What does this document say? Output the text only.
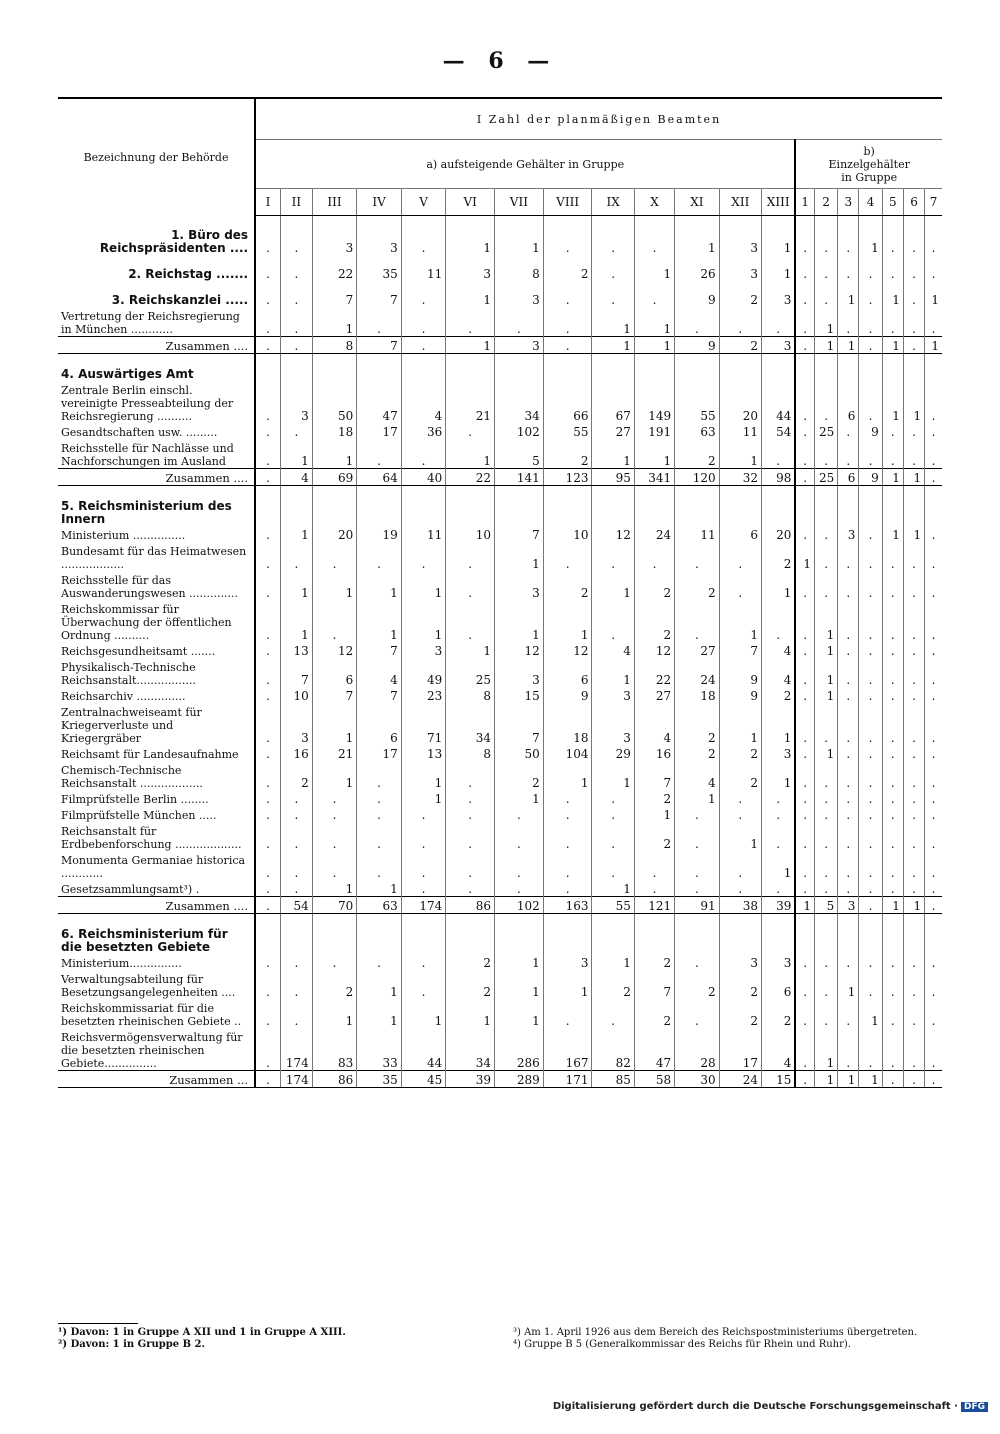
— 6 —
Bezeichnung der Behörde	I Zahl der planmäßigen Beamten																			
	a) aufsteigende Gehälter in Gruppe													b) Einzelgehälter in Gruppe						
	I	II	III	IV	V	VI	VII	VIII	IX	X	XI	XII	XIII	1	2	3	4	5	6	7

1. Büro des Reichspräsidenten ....	.	.	3	3	.	1	1	.	.	.	1	3	1	.	.	.	1	.	.	.

2. Reichstag .......	.	.	22	35	11	3	8	2	.	1	26	3	1	.	.	.	.	.	.	.

3. Reichskanzlei .....	.	.	7	7	.	1	3	.	.	.	9	2	3	.	.	1	.	1	.	1
Vertretung der Reichsregierung in München ............	.	.	1	.	.	.	.	.	1	1	.	.	.	.	1	.	.	.	.	.
Zusammen ....	.	.	8	7	.	1	3	.	1	1	9	2	3	.	1	1	.	1	.	1

4. Auswärtiges Amt																				
Zentrale Berlin einschl. vereinigte Presseabteilung der Reichsregierung ..........	.	3	50	47	4	21	34	66	67	149	55	20	44	.	.	6	.	1	1	.
Gesandtschaften usw. .........	.	.	18	17	36	.	102	55	27	191	63	11	54	.	25	.	9	.	.	.
Reichsstelle für Nachlässe und Nachforschungen im Ausland	.	1	1	.	.	1	5	2	1	1	2	1	.	.	.	.	.	.	.	.
Zusammen ....	.	4	69	64	40	22	141	123	95	341	120	32	98	.	25	6	9	1	1	.

5. Reichsministerium des Innern																				
Ministerium ...............	.	1	20	19	11	10	7	10	12	24	11	6	20	.	.	3	.	1	1	.
Bundesamt für das Heimatwesen ..................	.	.	.	.	.	.	1	.	.	.	.	.	2	1	.	.	.	.	.	.
Reichsstelle für das Auswanderungswesen ..............	.	1	1	1	1	.	3	2	1	2	2	.	1	.	.	.	.	.	.	.
Reichskommissar für Überwachung der öffentlichen Ordnung ..........	.	1	.	1	1	.	1	1	.	2	.	1	.	.	1	.	.	.	.	.
Reichsgesundheitsamt .......	.	13	12	7	3	1	12	12	4	12	27	7	4	.	1	.	.	.	.	.
Physikalisch-Technische Reichsanstalt.................	.	7	6	4	49	25	3	6	1	22	24	9	4	.	1	.	.	.	.	.
Reichsarchiv ..............	.	10	7	7	23	8	15	9	3	27	18	9	2	.	1	.	.	.	.	.
Zentralnachweiseamt für Kriegerverluste und Kriegergräber	.	3	1	6	71	34	7	18	3	4	2	1	1	.	.	.	.	.	.	.
Reichsamt für Landesaufnahme	.	16	21	17	13	8	50	104	29	16	2	2	3	.	1	.	.	.	.	.
Chemisch-Technische Reichsanstalt ..................	.	2	1	.	1	.	2	1	1	7	4	2	1	.	.	.	.	.	.	.
Filmprüfstelle Berlin ........	.	.	.	.	1	.	1	.	.	2	1	.	.	.	.	.	.	.	.	.
Filmprüfstelle München .....	.	.	.	.	.	.	.	.	.	1	.	.	.	.	.	.	.	.	.	.
Reichsanstalt für Erdbebenforschung ...................	.	.	.	.	.	.	.	.	.	2	.	1	.	.	.	.	.	.	.	.
Monumenta Germaniae historica ............	.	.	.	.	.	.	.	.	.	.	.	.	1	.	.	.	.	.	.	.
Gesetzsammlungsamt³) .	.	.	1	1	.	.	.	.	1	.	.	.	.	.	.	.	.	.	.	.
Zusammen ....	.	54	70	63	174	86	102	163	55	121	91	38	39	1	5	3	.	1	1	.

6. Reichsministerium für die besetzten Gebiete																				
Ministerium...............	.	.	.	.	.	2	1	3	1	2	.	3	3	.	.	.	.	.	.	.
Verwaltungsabteilung für Besetzungsangelegenheiten ....	.	.	2	1	.	2	1	1	2	7	2	2	6	.	.	1	.	.	.	.
Reichskommissariat für die besetzten rheinischen Gebiete ..	.	.	1	1	1	1	1	.	.	2	.	2	2	.	.	.	1	.	.	.
Reichsvermögensverwaltung für die besetzten rheinischen Gebiete...............	.	174	83	33	44	34	286	167	82	47	28	17	4	.	1	.	.	.	.	.
Zusammen ...	.	174	86	35	45	39	289	171	85	58	30	24	15	.	1	1	1	.	.	.
¹) Davon: 1 in Gruppe A XII und 1 in Gruppe A XIII.
²) Davon: 1 in Gruppe B 2.
³) Am 1. April 1926 aus dem Bereich des Reichspostministeriums übergetreten.
⁴) Gruppe B 5 (Generalkommissar des Reichs für Rhein und Ruhr).
Digitalisierung gefördert durch die Deutsche Forschungsgemeinschaft · DFG
